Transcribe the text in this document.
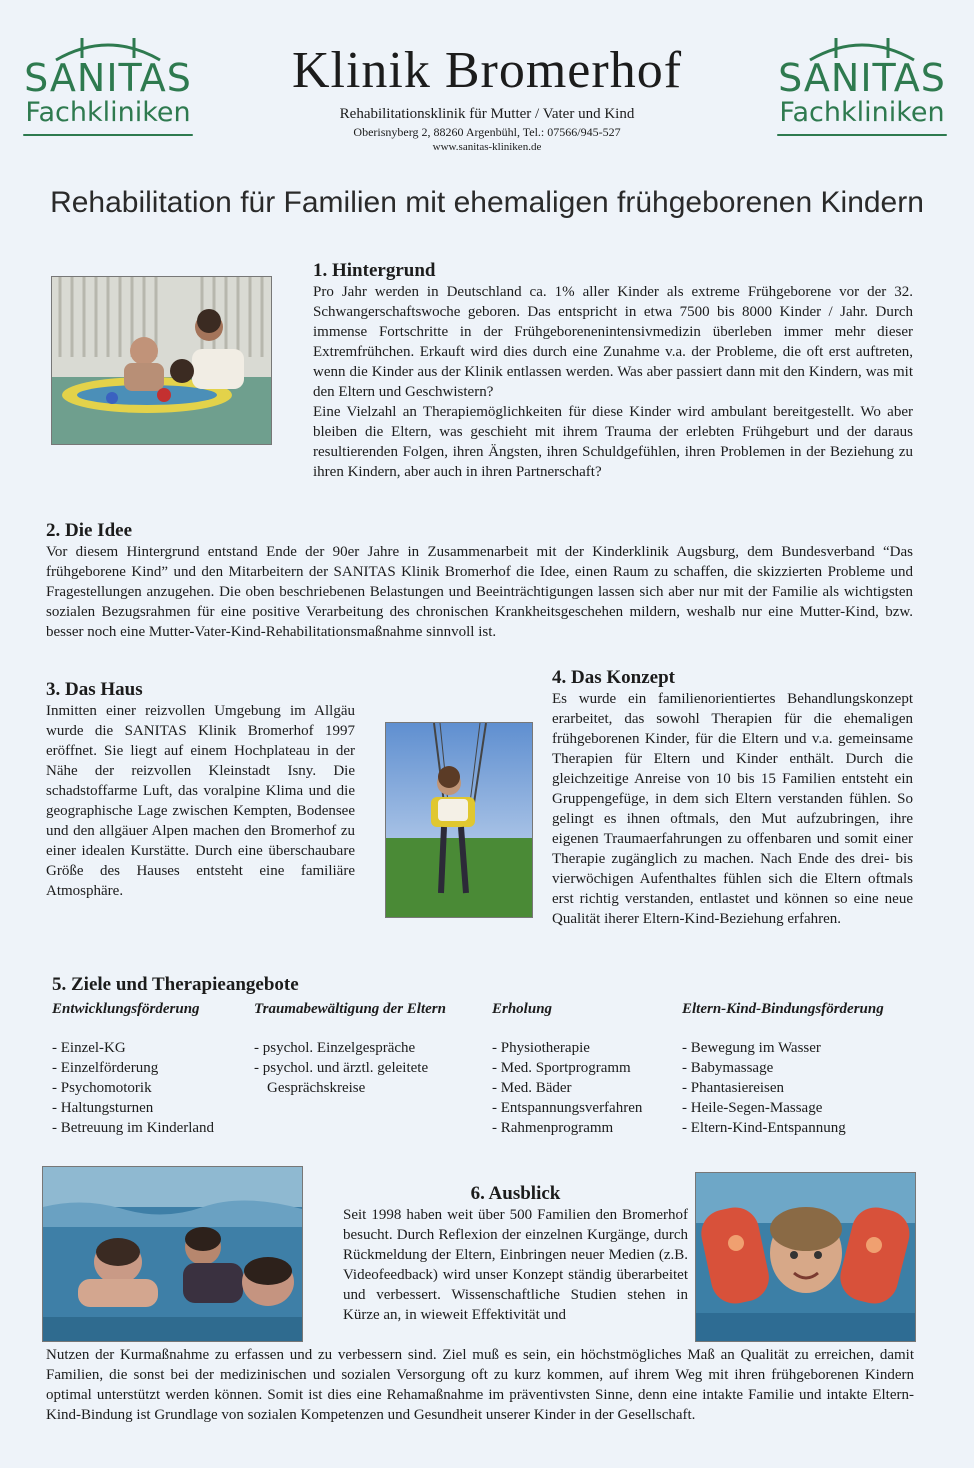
SANITAS
Fachkliniken
SANITAS
Fachkliniken
Klinik Bromerhof
Rehabilitationsklinik für Mutter / Vater und Kind
Oberisnyberg 2, 88260 Argenbühl, Tel.: 07566/945-527
www.sanitas-kliniken.de
Rehabilitation für Familien mit ehemaligen frühgeborenen Kindern
1. Hintergrund

Pro Jahr werden in Deutschland ca. 1% aller Kinder als extreme Frühgeborene vor der 32. Schwangerschaftswoche geboren. Das entspricht in etwa 7500 bis 8000 Kinder / Jahr. Durch immense Fortschritte in der Frühgeborenenintensivmedizin überleben immer mehr dieser Extremfrühchen. Erkauft wird dies durch eine Zunahme v.a. der Probleme, die oft erst auftreten, wenn die Kinder aus der Klinik entlassen werden. Was aber passiert dann mit den Kindern, was mit den Eltern und Geschwistern?

Eine Vielzahl an Therapiemöglichkeiten für diese Kinder wird ambulant bereitgestellt. Wo aber bleiben die Eltern, was geschieht mit ihrem Trauma der erlebten Frühgeburt und der daraus resultierenden Folgen, ihren Ängsten, ihren Schuldgefühlen, ihren Problemen in der Beziehung zu ihren Kindern, aber auch in ihren Partnerschaft?

2. Die Idee

Vor diesem Hintergrund entstand Ende der 90er Jahre in Zusammenarbeit mit der Kinderklinik Augsburg, dem Bundesverband “Das frühgeborene Kind” und den Mitarbeitern der SANITAS Klinik Bromerhof die Idee, einen Raum zu schaffen, die skizzierten Probleme und Fragestellungen anzugehen. Die oben beschriebenen Belastungen und Beeinträchtigungen lassen sich aber nur mit der Familie als wichtigsten sozialen Bezugsrahmen für eine positive Verarbeitung des chronischen Krankheitsgeschehen mildern, weshalb nur eine Mutter-Kind, bzw. besser noch eine Mutter-Vater-Kind-Rehabilitationsmaßnahme sinnvoll ist.

3. Das Haus

Inmitten einer reizvollen Umgebung im Allgäu wurde die SANITAS Klinik Bromerhof 1997 eröffnet. Sie liegt auf einem Hochplateau in der Nähe der reizvollen Kleinstadt Isny. Die schadstoffarme Luft, das voralpine Klima und die geographische Lage zwischen Kempten, Bodensee und den allgäuer Alpen machen den Bromerhof zu einer idealen Kurstätte. Durch eine überschaubare Größe des Hauses entsteht eine familiäre Atmosphäre.

4. Das Konzept

Es wurde ein familienorientiertes Behandlungskonzept erarbeitet, das sowohl Therapien für die ehemaligen frühgeborenen Kinder, für die Eltern und v.a. gemeinsame Therapien für Eltern und Kinder enthält. Durch die gleichzeitige Anreise von 10 bis 15 Familien entsteht ein Gruppengefüge, in dem sich Eltern verstanden fühlen. So gelingt es ihnen oftmals, den Mut aufzubringen, ihre eigenen Traumaerfahrungen zu offenbaren und somit einer Therapie zugänglich zu machen. Nach Ende des drei- bis vierwöchigen Aufenthaltes fühlen sich die Eltern oftmals erst richtig verstanden, entlastet und können so eine neue Qualität iherer Eltern-Kind-Beziehung erfahren.

5. Ziele und Therapieangebote
Entwicklungsförderung
- Einzel-KG
- Einzelförderung
- Psychomotorik
- Haltungsturnen
- Betreuung im Kinderland
Traumabewältigung der Eltern
- psychol. Einzelgespräche
- psychol. und ärztl. geleitete
Gesprächskreise
Erholung
- Physiotherapie
- Med. Sportprogramm
- Med. Bäder
- Entspannungsverfahren
- Rahmenprogramm
Eltern-Kind-Bindungsförderung
- Bewegung im Wasser
- Babymassage
- Phantasiereisen
- Heile-Segen-Massage
- Eltern-Kind-Entspannung
6. Ausblick

Seit 1998 haben weit über 500 Familien den Bromerhof besucht. Durch Reflexion der einzelnen Kurgänge, durch Rückmeldung der Eltern, Einbringen neuer Medien (z.B. Videofeedback) wird unser Konzept ständig überarbeitet und verbessert. Wissenschaftliche Studien stehen in Kürze an, in wieweit Effektivität und

Nutzen der Kurmaßnahme zu erfassen und zu verbessern sind. Ziel muß es sein, ein höchstmögliches Maß an Qualität zu erreichen, damit Familien, die sonst bei der medizinischen und sozialen Versorgung oft zu kurz kommen, auf ihrem Weg mit ihren frühgeborenen Kindern optimal unterstützt werden können. Somit ist dies eine Rehamaßnahme im präventivsten Sinne, denn eine intakte Familie und intakte Eltern-Kind-Bindung ist Grundlage von sozialen Kompetenzen und Gesundheit unserer Kinder in der Gesellschaft.
